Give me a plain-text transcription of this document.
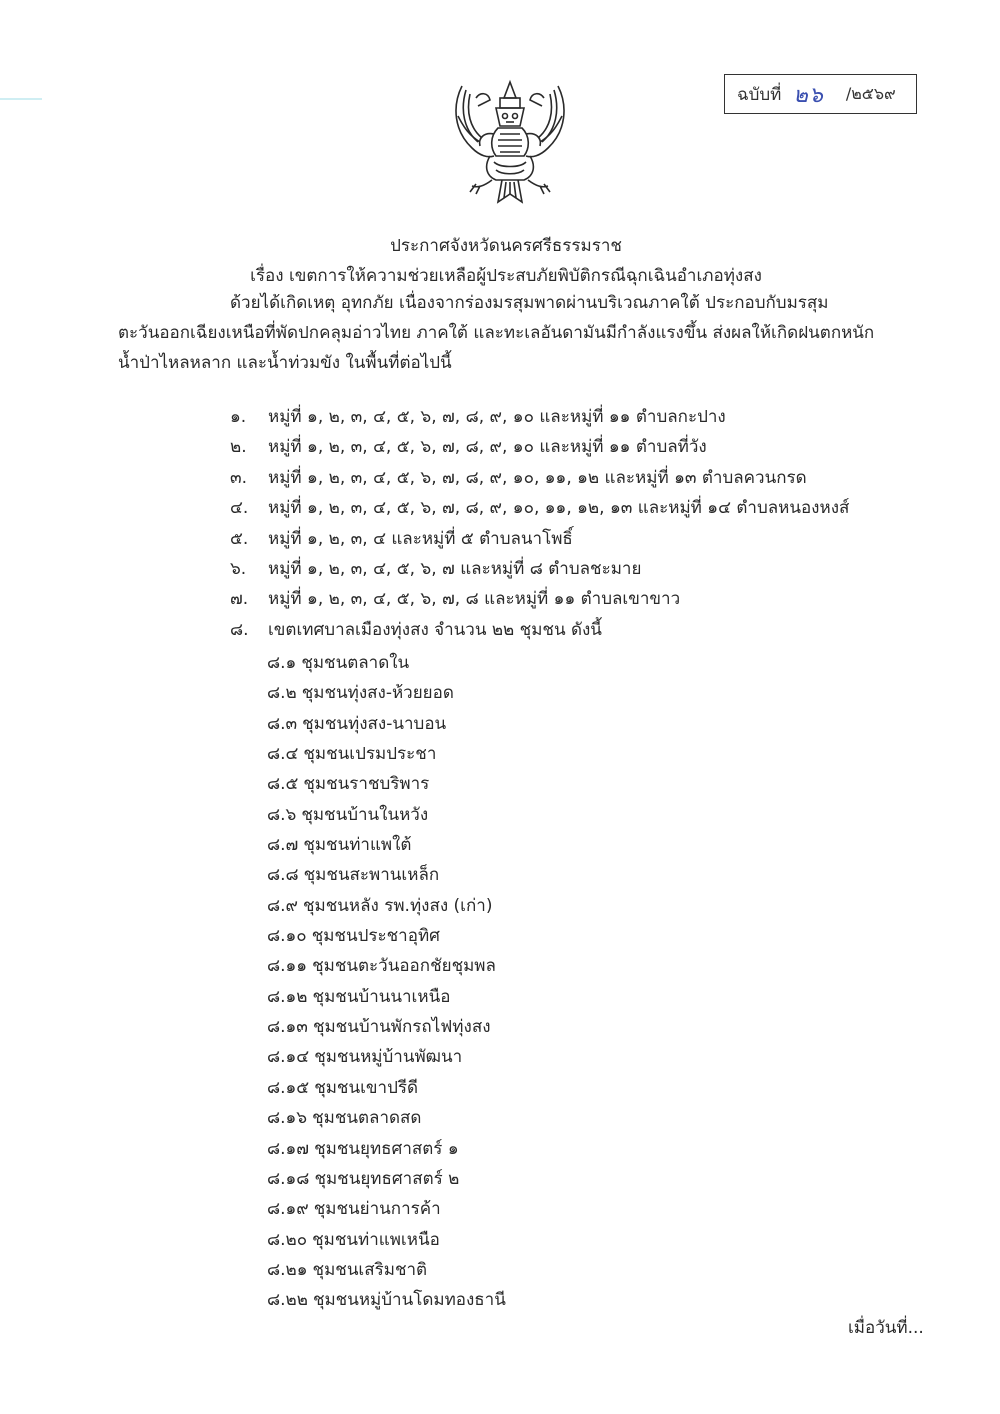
ฉบับที่ ๒๖ /๒๕๖๙
ประกาศจังหวัดนครศรีธรรมราช
เรื่อง เขตการให้ความช่วยเหลือผู้ประสบภัยพิบัติกรณีฉุกเฉินอำเภอทุ่งสง
ด้วยได้เกิดเหตุ อุทกภัย เนื่องจากร่องมรสุมพาดผ่านบริเวณภาคใต้ ประกอบกับมรสุม
ตะวันออกเฉียงเหนือที่พัดปกคลุมอ่าวไทย ภาคใต้ และทะเลอันดามันมีกำลังแรงขึ้น ส่งผลให้เกิดฝนตกหนัก
น้ำป่าไหลหลาก และน้ำท่วมขัง ในพื้นที่ต่อไปนี้
๑. หมู่ที่ ๑, ๒, ๓, ๔, ๕, ๖, ๗, ๘, ๙, ๑๐ และหมู่ที่ ๑๑ ตำบลกะปาง
๒. หมู่ที่ ๑, ๒, ๓, ๔, ๕, ๖, ๗, ๘, ๙, ๑๐ และหมู่ที่ ๑๑ ตำบลที่วัง
๓. หมู่ที่ ๑, ๒, ๓, ๔, ๕, ๖, ๗, ๘, ๙, ๑๐, ๑๑, ๑๒ และหมู่ที่ ๑๓ ตำบลควนกรด
๔. หมู่ที่ ๑, ๒, ๓, ๔, ๕, ๖, ๗, ๘, ๙, ๑๐, ๑๑, ๑๒, ๑๓ และหมู่ที่ ๑๔ ตำบลหนองหงส์
๕. หมู่ที่ ๑, ๒, ๓, ๔ และหมู่ที่ ๕ ตำบลนาโพธิ์
๖. หมู่ที่ ๑, ๒, ๓, ๔, ๕, ๖, ๗ และหมู่ที่ ๘ ตำบลชะมาย
๗. หมู่ที่ ๑, ๒, ๓, ๔, ๕, ๖, ๗, ๘ และหมู่ที่ ๑๑ ตำบลเขาขาว
๘. เขตเทศบาลเมืองทุ่งสง จำนวน ๒๒ ชุมชน ดังนี้
๘.๑ ชุมชนตลาดใน
๘.๒ ชุมชนทุ่งสง-ห้วยยอด
๘.๓ ชุมชนทุ่งสง-นาบอน
๘.๔ ชุมชนเปรมประชา
๘.๕ ชุมชนราชบริพาร
๘.๖ ชุมชนบ้านในหวัง
๘.๗ ชุมชนท่าแพใต้
๘.๘ ชุมชนสะพานเหล็ก
๘.๙ ชุมชนหลัง รพ.ทุ่งสง (เก่า)
๘.๑๐ ชุมชนประชาอุทิศ
๘.๑๑ ชุมชนตะวันออกชัยชุมพล
๘.๑๒ ชุมชนบ้านนาเหนือ
๘.๑๓ ชุมชนบ้านพักรถไฟทุ่งสง
๘.๑๔ ชุมชนหมู่บ้านพัฒนา
๘.๑๕ ชุมชนเขาปรีดี
๘.๑๖ ชุมชนตลาดสด
๘.๑๗ ชุมชนยุทธศาสตร์ ๑
๘.๑๘ ชุมชนยุทธศาสตร์ ๒
๘.๑๙ ชุมชนย่านการค้า
๘.๒๐ ชุมชนท่าแพเหนือ
๘.๒๑ ชุมชนเสริมชาติ
๘.๒๒ ชุมชนหมู่บ้านโดมทองธานี
เมื่อวันที่...
